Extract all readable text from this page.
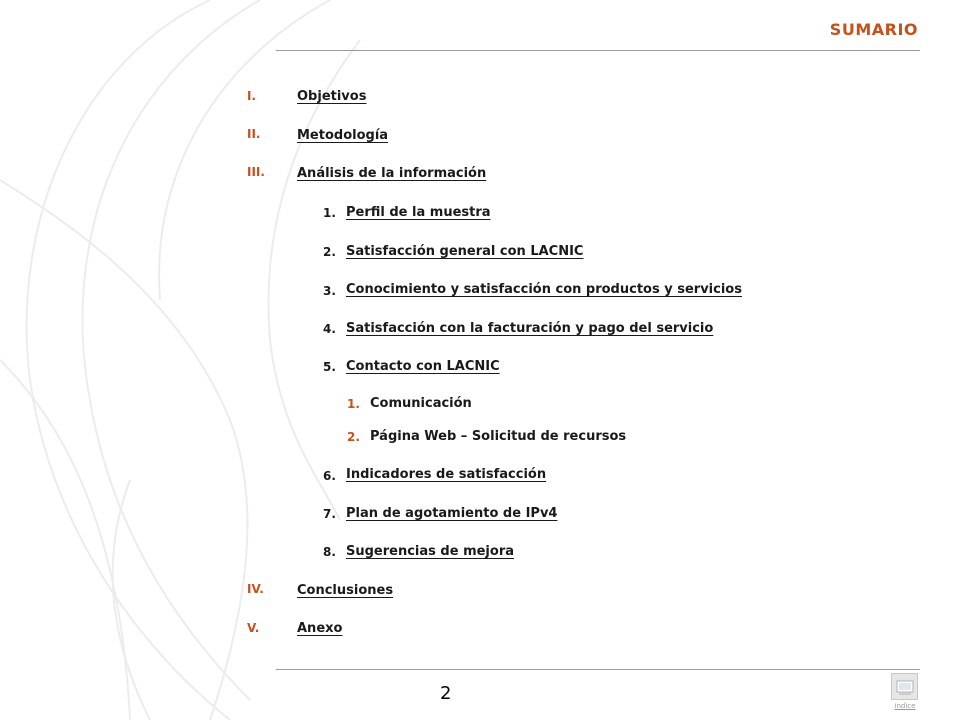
SUMARIO
I.	Objetivos
II.	Metodología
III. Análisis de la información
1. Perfil de la muestra
2. Satisfacción general con LACNIC
3. Conocimiento y satisfacción con productos y servicios
4. Satisfacción con la facturación y pago del servicio
5. Contacto con LACNIC
1. Comunicación
2. Página Web – Solicitud de recursos
6. Indicadores de satisfacción
7. Plan de agotamiento de IPv4
8. Sugerencias de mejora
IV.	Conclusiones
V.	Anexo
2
índice
